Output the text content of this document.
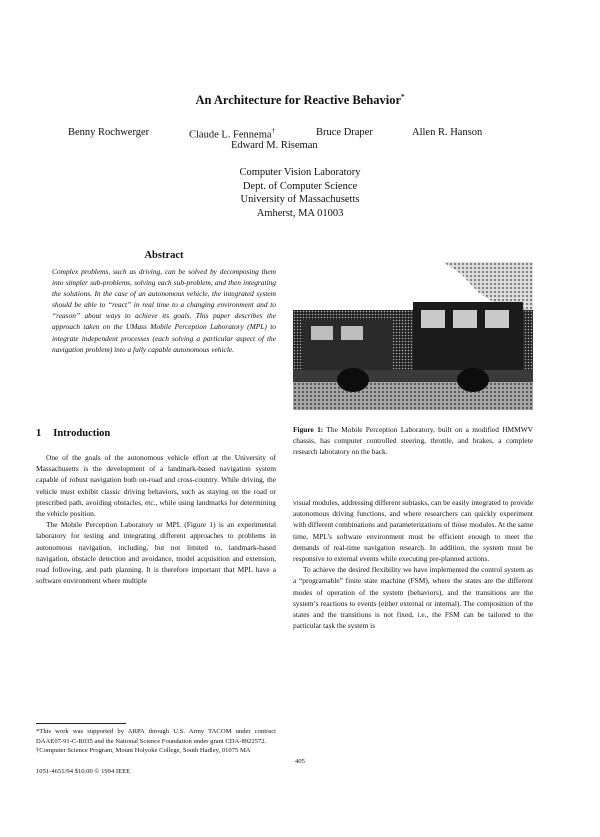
An Architecture for Reactive Behavior*
Benny Rochwerger	Claude L. Fennema†	Bruce Draper	Allen R. Hanson
Edward M. Riseman
Computer Vision Laboratory
Dept. of Computer Science
University of Massachusetts
Amherst, MA 01003
Abstract
Complex problems, such as driving, can be solved by decomposing them into simpler sub-problems, solving each sub-problem, and then integrating the solutions. In the case of an autonomous vehicle, the integrated system should be able to “react” in real time to a changing environment and to “reason” about ways to achieve its goals. This paper describes the approach taken on the UMass Mobile Perception Laboratory (MPL) to integrate independent processes (each solving a particular aspect of the navigation problem) into a fully capable autonomous vehicle.
1 Introduction

One of the goals of the autonomous vehicle effort at the University of Massachusetts is the development of a landmark-based navigation system capable of robust navigation both on-road and cross-country. While driving, the vehicle must exhibit classic driving behaviors, such as staying on the road or prescribed path, avoiding obstacles, etc., while using landmarks for determining the vehicle position.

The Mobile Perception Laboratory or MPL (Figure 1) is an experimental laboratory for testing and integrating different approaches to problems in autonomous navigation, including, but not limited to, landmark-based navigation, obstacle detection and avoidance, model acquisition and extension, road following, and path planning. It is therefore important that MPL have a software environment where multiple

Figure 1: The Mobile Perception Laboratory, built on a modified HMMWV chassis, has computer controlled steering, throttle, and brakes, a complete research laboratory on the back.

visual modules, addressing different subtasks, can be easily integrated to provide autonomous driving functions, and where researchers can quickly experiment with different combinations and parameterizations of those modules. At the same time, MPL’s software environment must be efficient enough to meet the demands of real-time navigation research. In addition, the system must be responsive to external events while executing pre-planned actions.

To achieve the desired flexibility we have implemented the control system as a “programable” finite state machine (FSM), where the states are the different modes of operation of the system (behaviors), and the transitions are the system’s reactions to events (either external or internal). The composition of the states and the transitions is not fixed, i.e., the FSM can be tailored to the particular task the system is

*This work was supported by ARPA through U.S. Army TACOM under contract DAAE07-91-C-R035 and the National Science Foundation under grant CDA-8922572.

†Computer Science Program, Mount Holyoke College, South Hadley, 01075 MA

405
1051-4651/94 $10.00 © 1994 IEEE
